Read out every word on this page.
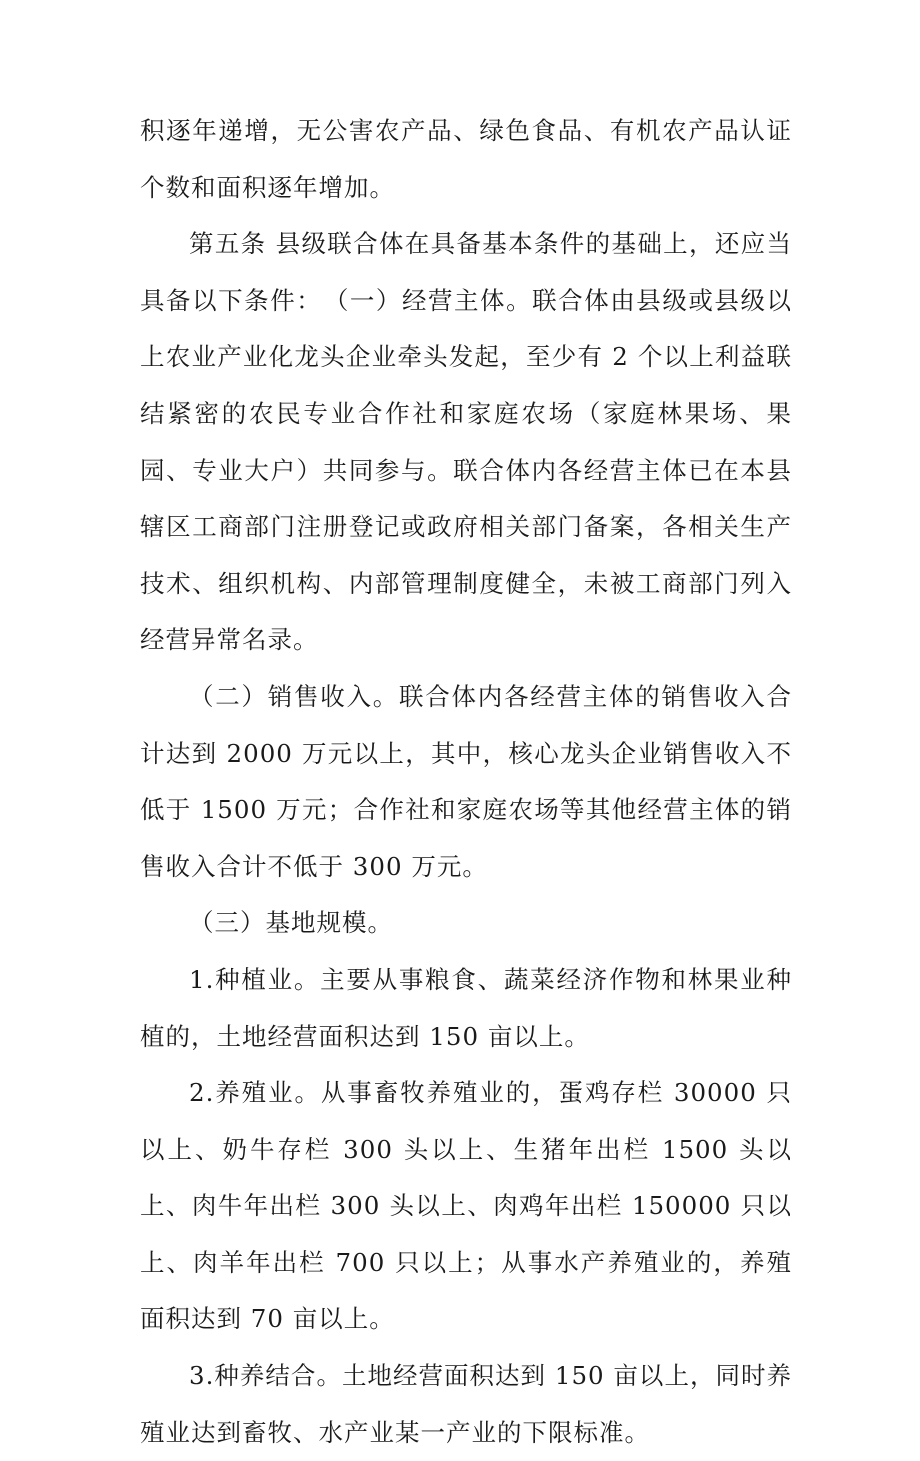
积逐年递增，无公害农产品、绿色食品、有机农产品认证个数和面积逐年增加。

第五条 县级联合体在具备基本条件的基础上，还应当具备以下条件：　（一）经营主体。联合体由县级或县级以上农业产业化龙头企业牵头发起，至少有 2 个以上利益联结紧密的农民专业合作社和家庭农场（家庭林果场、果园、专业大户）共同参与。联合体内各经营主体已在本县辖区工商部门注册登记或政府相关部门备案，各相关生产技术、组织机构、内部管理制度健全，未被工商部门列入经营异常名录。

（二）销售收入。联合体内各经营主体的销售收入合计达到 2000 万元以上，其中，核心龙头企业销售收入不低于 1500 万元；合作社和家庭农场等其他经营主体的销售收入合计不低于 300 万元。

（三）基地规模。

1.种植业。主要从事粮食、蔬菜经济作物和林果业种植的，土地经营面积达到 150 亩以上。

2.养殖业。从事畜牧养殖业的，蛋鸡存栏 30000 只以上、奶牛存栏 300 头以上、生猪年出栏 1500 头以上、肉牛年出栏 300 头以上、肉鸡年出栏 150000 只以上、肉羊年出栏 700 只以上；从事水产养殖业的，养殖面积达到 70 亩以上。

3.种养结合。土地经营面积达到 150 亩以上，同时养殖业达到畜牧、水产业某一产业的下限标准。
